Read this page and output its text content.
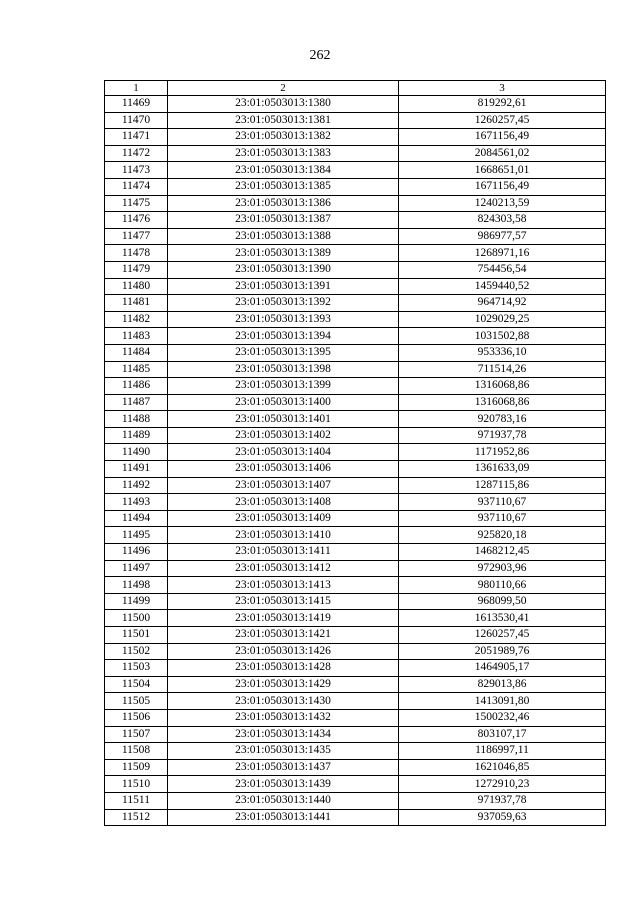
262
1	2	3
11469	23:01:0503013:1380	819292,61
11470	23:01:0503013:1381	1260257,45
11471	23:01:0503013:1382	1671156,49
11472	23:01:0503013:1383	2084561,02
11473	23:01:0503013:1384	1668651,01
11474	23:01:0503013:1385	1671156,49
11475	23:01:0503013:1386	1240213,59
11476	23:01:0503013:1387	824303,58
11477	23:01:0503013:1388	986977,57
11478	23:01:0503013:1389	1268971,16
11479	23:01:0503013:1390	754456,54
11480	23:01:0503013:1391	1459440,52
11481	23:01:0503013:1392	964714,92
11482	23:01:0503013:1393	1029029,25
11483	23:01:0503013:1394	1031502,88
11484	23:01:0503013:1395	953336,10
11485	23:01:0503013:1398	711514,26
11486	23:01:0503013:1399	1316068,86
11487	23:01:0503013:1400	1316068,86
11488	23:01:0503013:1401	920783,16
11489	23:01:0503013:1402	971937,78
11490	23:01:0503013:1404	1171952,86
11491	23:01:0503013:1406	1361633,09
11492	23:01:0503013:1407	1287115,86
11493	23:01:0503013:1408	937110,67
11494	23:01:0503013:1409	937110,67
11495	23:01:0503013:1410	925820,18
11496	23:01:0503013:1411	1468212,45
11497	23:01:0503013:1412	972903,96
11498	23:01:0503013:1413	980110,66
11499	23:01:0503013:1415	968099,50
11500	23:01:0503013:1419	1613530,41
11501	23:01:0503013:1421	1260257,45
11502	23:01:0503013:1426	2051989,76
11503	23:01:0503013:1428	1464905,17
11504	23:01:0503013:1429	829013,86
11505	23:01:0503013:1430	1413091,80
11506	23:01:0503013:1432	1500232,46
11507	23:01:0503013:1434	803107,17
11508	23:01:0503013:1435	1186997,11
11509	23:01:0503013:1437	1621046,85
11510	23:01:0503013:1439	1272910,23
11511	23:01:0503013:1440	971937,78
11512	23:01:0503013:1441	937059,63
